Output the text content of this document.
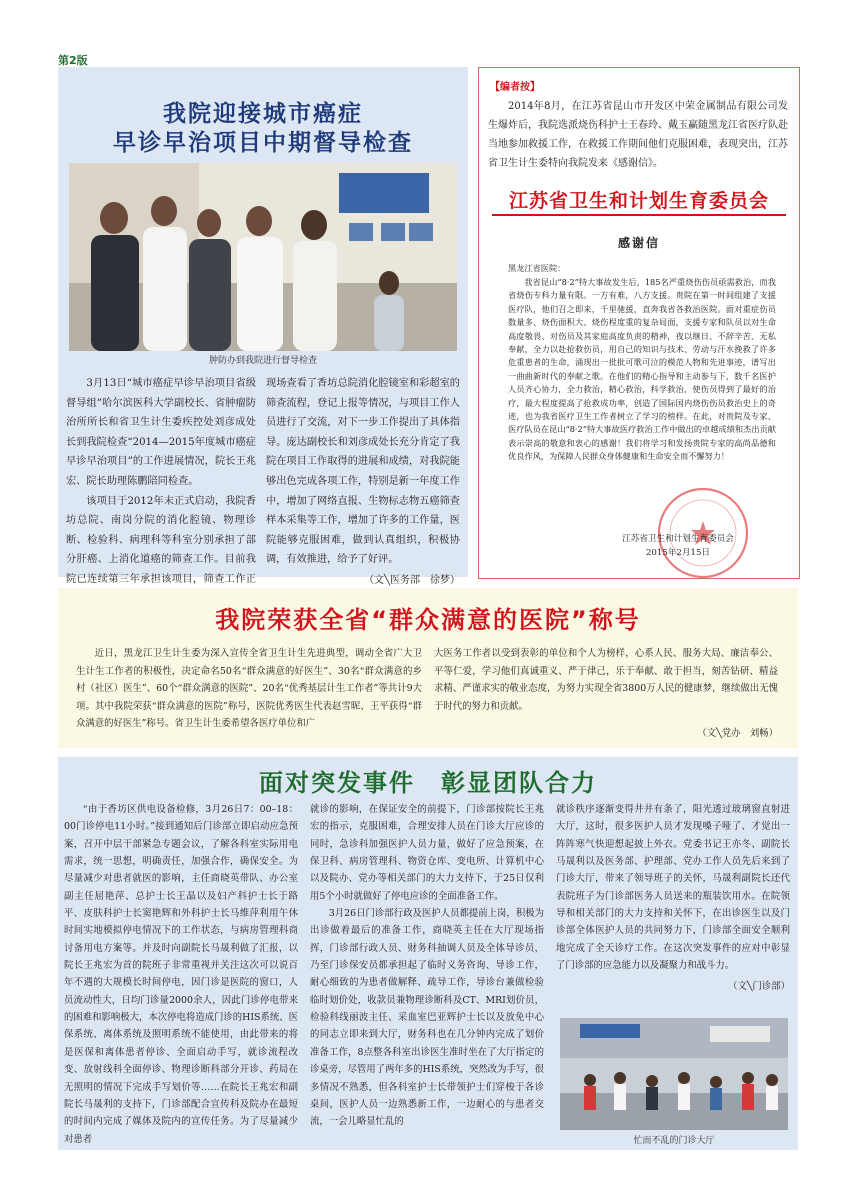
第2版
我院迎接城市癌症
早诊早治项目中期督导检查
肿防办到我院进行督导检查

3月13日“城市癌症早诊早治项目省级督导组”哈尔滨医科大学副校长、省肿瘤防治所所长和省卫生计生委疾控处刘彦成处长到我院检查“2014—2015年度城市癌症早诊早治项目”的工作进展情况，院长王兆宏、院长助理陈鹏陪同检查。

该项目于2012年末正式启动，我院香坊总院、南岗分院的消化腔镜、物理诊断、检验科、病理科等科室分别承担了部分肝癌、上消化道癌的筛查工作。目前我院已连续第三年承担该项目，筛查工作正

现场查看了香坊总院消化腔镜室和彩超室的筛查流程，登记上报等情况，与项目工作人员进行了交流，对下一步工作提出了具体指导。庞达副校长和刘彦成处长充分肯定了我院在项目工作取得的进展和成绩，对我院能够出色完成各项工作，特别是新一年度工作中，增加了网络直报、生物标志物五癌筛查样本采集等工作，增加了许多的工作量，医院能够克服困难，做到认真组织，积极协调，有效推进，给予了好评。

（文╲医务部　徐梦）
【编者按】

2014年8月，在江苏省昆山市开发区中荣金属制品有限公司发生爆炸后，我院选派烧伤科护士王春玲、戴玉赢随黑龙江省医疗队赴当地参加救援工作，在救援工作期间他们克服困难，表现突出，江苏省卫生计生委特向我院发来《感谢信》。

江苏省卫生和计划生育委员会
感谢信
黑龙江省医院：

我省昆山“8·2”特大事故发生后，185名严重烧伤伤员亟需救治，而我省烧伤专科力量有限。一方有难，八方支援。贵院在第一时间组建了支援医疗队，他们召之即来，千里驰援，直奔我省各救治医院。面对重症伤员数量多、烧伤面积大、烧伤程度重的复杂局面，支援专家和队员以对生命高度敬畏、对伤员及其家庭高度负责的精神，夜以继日、不辞辛苦、无私奉献，全力以赴抢救伤员，用自己的知识与技术、劳动与汗水挽救了许多危重患者的生命，涌现出一批批可歌可泣的模范人物和先进事迹，谱写出一曲曲新时代的奉献之歌。在他们的精心指导和主动参与下，数千名医护人员齐心协力，全力救治，精心救治，科学救治，使伤员得到了最好的治疗，最大程度提高了抢救成功率，创造了国际国内烧伤伤员救治史上的奇迹，也为我省医疗卫生工作者树立了学习的榜样。在此，对贵院及专家、医疗队员在昆山“8·2”特大事故医疗救治工作中做出的卓越成绩和杰出贡献表示崇高的敬意和衷心的感谢！我们将学习和发扬贵院专家的高尚品德和优良作风，为保障人民群众身体健康和生命安全而不懈努力！

江苏省卫生和计划生育委员会
2015年2月15日
我院荣获全省“群众满意的医院”称号

近日，黑龙江卫生计生委为深入宣传全省卫生计生先进典型，调动全省广大卫生计生工作者的积极性，决定命名50名“群众满意的好医生”、30名“群众满意的乡村（社区）医生”、60个“群众满意的医院”、20名“优秀基层计生工作者”等共计9大项。其中我院荣获“群众满意的医院”称号，医院优秀医生代表赵雪昵、王平获得“群众满意的好医生”称号。省卫生计生委希望各医疗单位和广

大医务工作者以受到表彰的单位和个人为榜样，心系人民、服务大局、廉洁奉公、平等仁爱，学习他们真诚重义、严于律己，乐于奉献、敢于担当，刻苦钻研、精益求精、严谨求实的敬业态度，为努力实现全省3800万人民的健康梦，继续做出无愧于时代的努力和贡献。

（文╲党办　刘畅）
面对突发事件　彰显团队合力

“由于香坊区供电设备检修，3月26日7：00–18：00门诊停电11小时。”接到通知后门诊部立即启动应急预案，召开中层干部紧急专题会议，了解各科室实际用电需求，统一思想，明确责任，加强合作，确保安全。为尽量减少对患者就医的影响，主任商晓英带队、办公室副主任屈艳萍、总护士长王晶以及妇产科护士长于路平、皮肤科护士长窦艳辉和外科护士长马维萍利用午休时间实地模拟停电情况下的工作状态，与病房管理科商讨备用电方案等。并及时向副院长马晟利做了汇报，以院长王兆宏为首的院班子非常重视并关注这次可以说百年不遇的大规模长时间停电，因门诊是医院的窗口，人员流动性大，日均门诊量2000余人，因此门诊停电带来的困难和影响极大，本次停电将造成门诊的HIS系统、医保系统、离体系统及照明系统不能使用，由此带来的将是医保和离体患者停诊、全面启动手写，就诊流程改变、放射线科全面停诊、物理诊断科部分开诊、药局在无照明的情况下完成手写划价等……在院长王兆宏和副院长马晟利的支持下，门诊部配合宣传科及院办在最短的时间内完成了媒体及院内的宣传任务。为了尽量减少对患者

就诊的影响，在保证安全的前提下，门诊部按院长王兆宏的指示，克服困难，合理安排人员在门诊大厅应诊的同时，急诊科加强医护人员力量，做好了应急预案，在保卫科、病房管理科、物资仓库、变电所、计算机中心以及院办、党办等相关部门的大力支持下，于25日仅利用5个小时就做好了停电应诊的全面准备工作。

3月26日门诊部行政及医护人员都提前上岗，积极为出诊做着最后的准备工作，商晓英主任在大厅现场指挥，门诊部行政人员、财务科抽调人员及全体导诊员，乃至门诊保安员都承担起了临时义务咨询、导诊工作，耐心细致的为患者做解释、疏导工作，导诊台兼做检验临时划价处，收款员兼物理诊断科及CT、MRI划价员，检验科线丽波主任、采血室巴亚辉护士长以及放免中心的同志立即来到大厅，财务科也在几分钟内完成了划价准备工作，8点整各科室出诊医生准时坐在了大厅指定的诊桌旁，尽管用了两年多的HIS系统，突然改为手写，很多情况不熟悉，但各科室护士长带领护士们穿梭于各诊桌间，医护人员一边熟悉新工作，一边耐心的与患者交流，一会儿略显忙乱的

就诊秩序逐渐变得井井有条了，阳光透过玻璃窗直射进大厅，这时，很多医护人员才发现嗓子哑了、才觉出一阵阵寒气快迎想起披上外衣。党委书记王亦冬、副院长马晟利以及医务部、护理部、党办工作人员先后来到了门诊大厅，带来了领导班子的关怀，马晟利副院长还代表院班子为门诊部医务人员送来的瓶装饮用水。在院领导和相关部门的大力支持和关怀下，在出诊医生以及门诊部全体医护人员的共同努力下，门诊部全面安全顺利地完成了全天诊疗工作。在这次突发事件的应对中彰显了门诊部的应急能力以及凝聚力和战斗力。

（文╲门诊部）
忙而不乱的门诊大厅
